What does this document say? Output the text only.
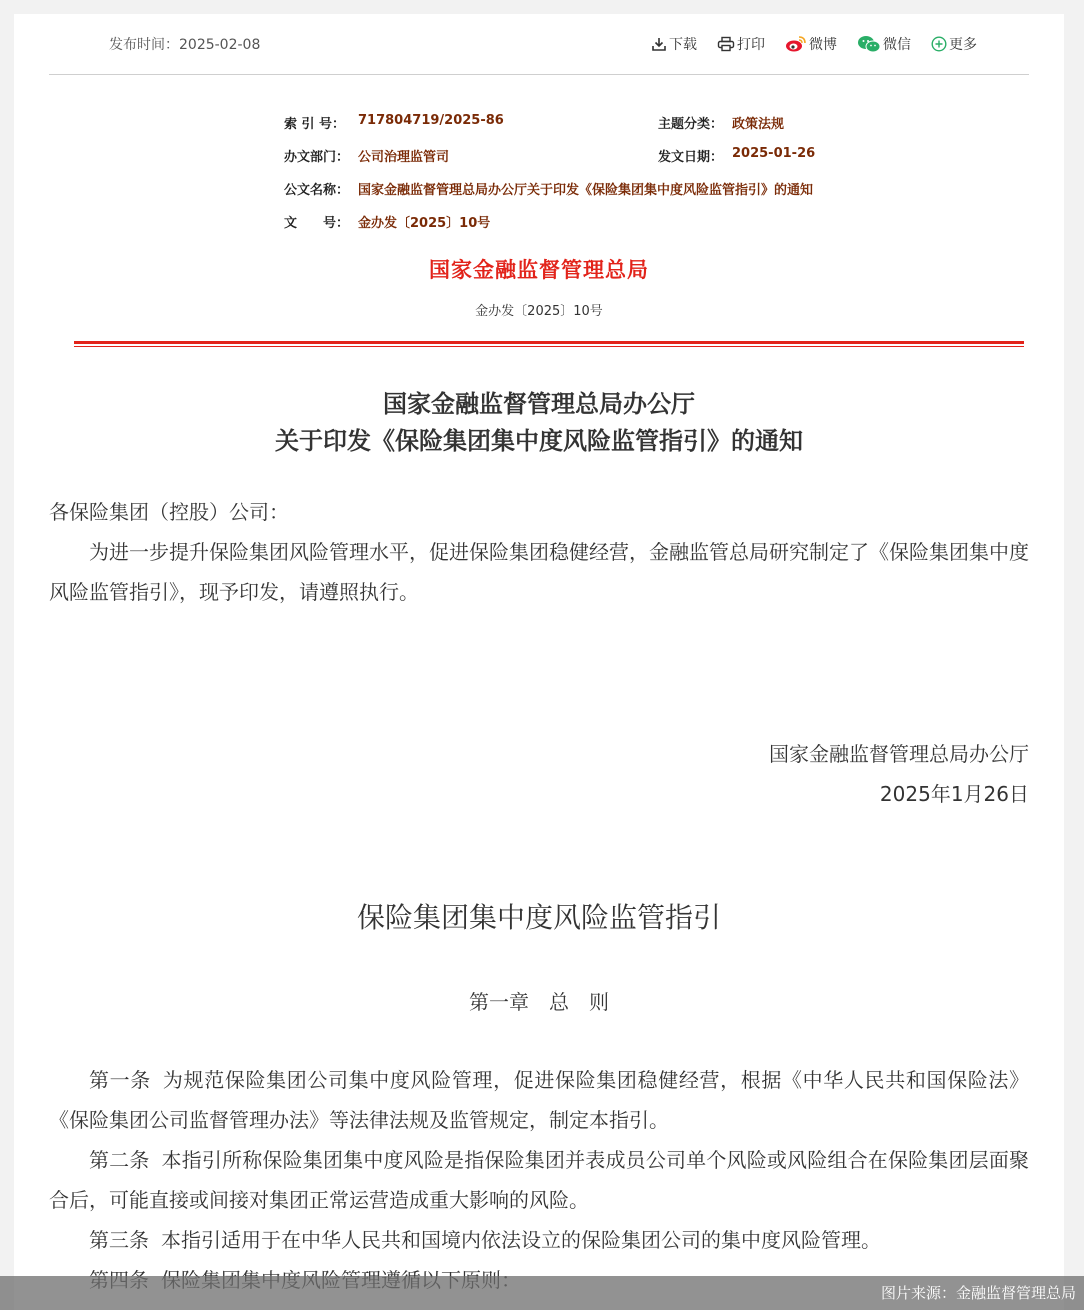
发布时间：2025-02-08	下载	打印	微博	微信	更多
索 引 号： 717804719/2025-86	主题分类： 政策法规
办文部门： 公司治理监管司	发文日期： 2025-01-26
公文名称： 国家金融监督管理总局办公厅关于印发《保险集团集中度风险监管指引》的通知
文　　号： 金办发〔2025〕10号
国家金融监督管理总局
金办发〔2025〕10号
国家金融监督管理总局办公厅
关于印发《保险集团集中度风险监管指引》的通知

各保险集团（控股）公司：

为进一步提升保险集团风险管理水平，促进保险集团稳健经营，金融监管总局研究制定了《保险集团集中度风险监管指引》，现予印发，请遵照执行。

国家金融监督管理总局办公厅
2025年1月26日
保险集团集中度风险监管指引
第一章　总　则

第一条 为规范保险集团公司集中度风险管理，促进保险集团稳健经营，根据《中华人民共和国保险法》《保险集团公司监督管理办法》等法律法规及监管规定，制定本指引。

第二条 本指引所称保险集团集中度风险是指保险集团并表成员公司单个风险或风险组合在保险集团层面聚合后，可能直接或间接对集团正常运营造成重大影响的风险。

第三条 本指引适用于在中华人民共和国境内依法设立的保险集团公司的集中度风险管理。

图片来源：金融监督管理总局
